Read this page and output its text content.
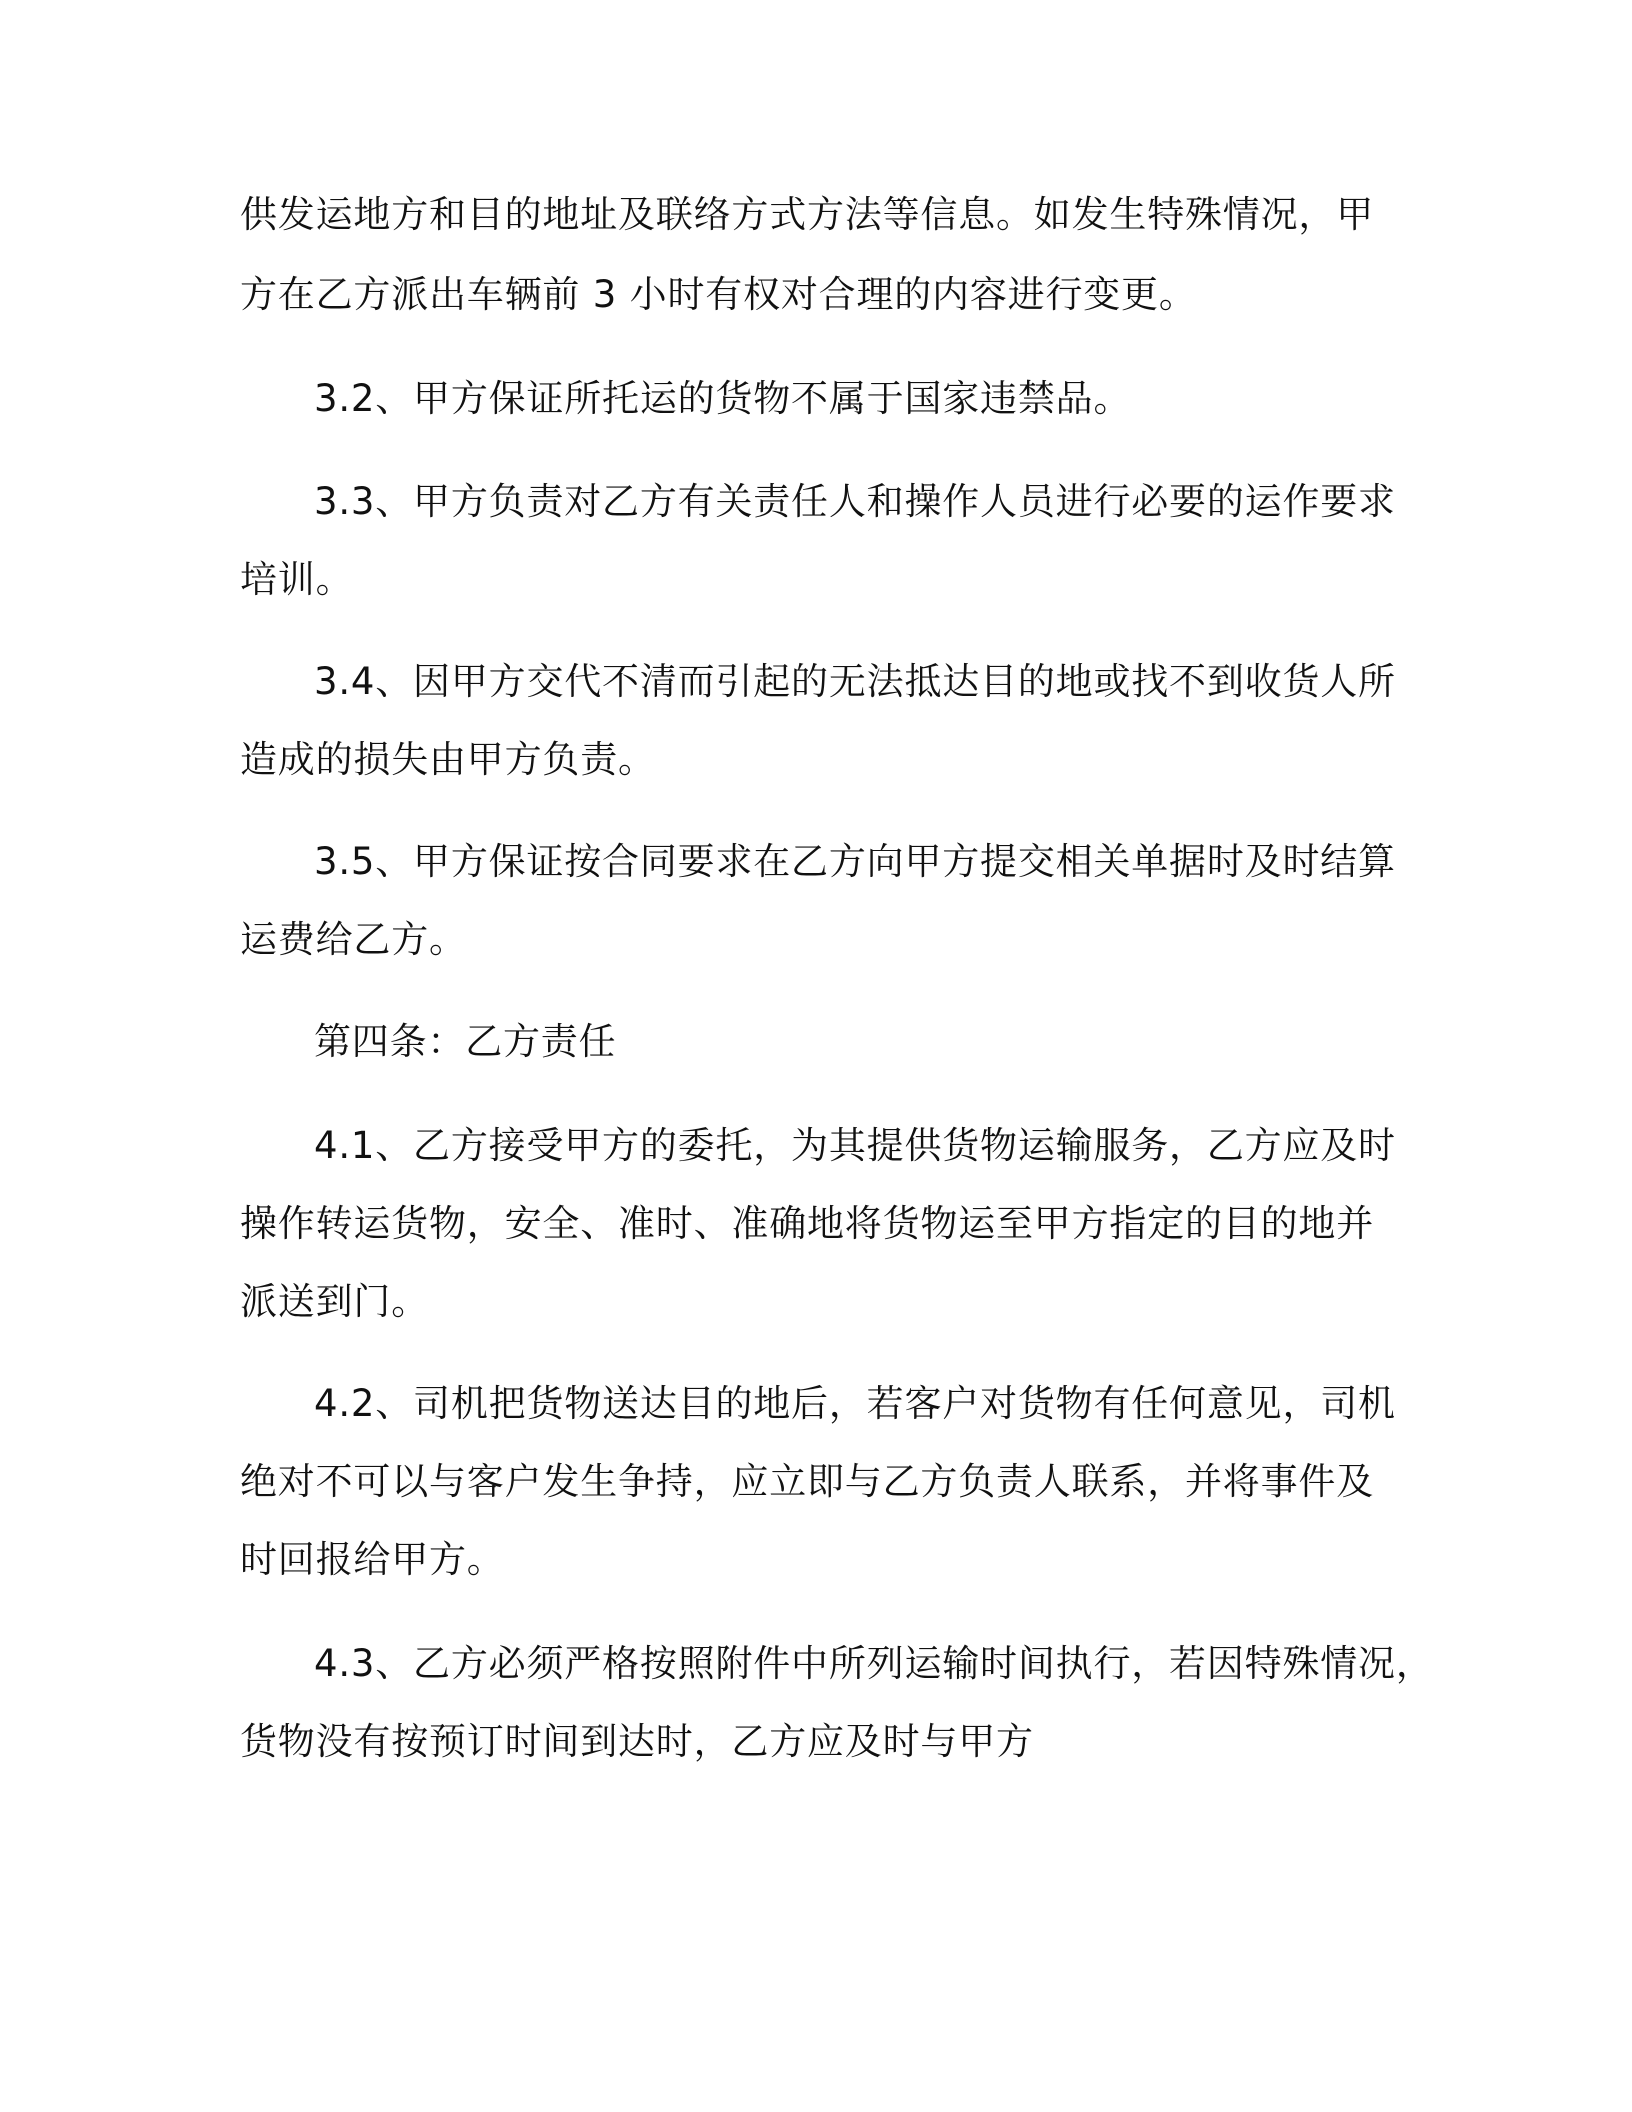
供发运地方和目的地址及联络方式方法等信息。如发生特殊情况，甲
方在乙方派出车辆前 3 小时有权对合理的内容进行变更。
3.2、甲方保证所托运的货物不属于国家违禁品。
3.3、甲方负责对乙方有关责任人和操作人员进行必要的运作要求
培训。
3.4、因甲方交代不清而引起的无法抵达目的地或找不到收货人所
造成的损失由甲方负责。
3.5、甲方保证按合同要求在乙方向甲方提交相关单据时及时结算
运费给乙方。
第四条：乙方责任
4.1、乙方接受甲方的委托，为其提供货物运输服务，乙方应及时
操作转运货物，安全、准时、准确地将货物运至甲方指定的目的地并
派送到门。
4.2、司机把货物送达目的地后，若客户对货物有任何意见，司机
绝对不可以与客户发生争持，应立即与乙方负责人联系，并将事件及
时回报给甲方。
4.3、乙方必须严格按照附件中所列运输时间执行，若因特殊情况，
货物没有按预订时间到达时，乙方应及时与甲方
